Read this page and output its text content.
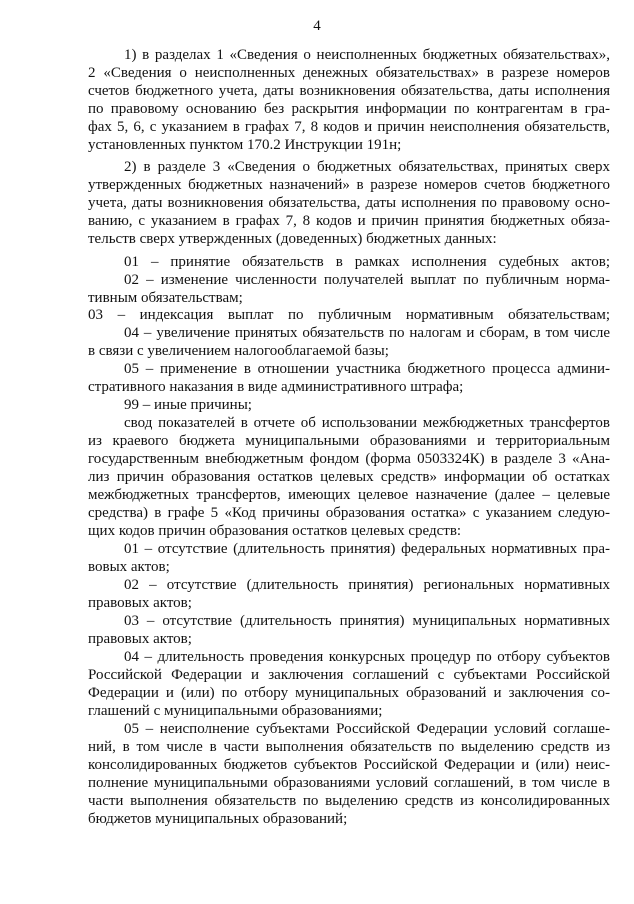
4
1) в разделах 1 «Сведения о неисполненных бюджетных обязательствах»,
2 «Сведения о неисполненных денежных обязательствах» в разрезе номеров
счетов бюджетного учета, даты возникновения обязательства, даты исполнения
по правовому основанию без раскрытия информации по контрагентам в гра-
фах 5, 6, с указанием в графах 7, 8 кодов и причин неисполнения обязательств,
установленных пунктом 170.2 Инструкции 191н;
2) в разделе 3 «Сведения о бюджетных обязательствах, принятых сверх
утвержденных бюджетных назначений» в разрезе номеров счетов бюджетного
учета, даты возникновения обязательства, даты исполнения по правовому осно-
ванию, с указанием в графах 7, 8 кодов и причин принятия бюджетных обяза-
тельств сверх утвержденных (доведенных) бюджетных данных:
01 – принятие обязательств в рамках исполнения судебных актов;
02 – изменение численности получателей выплат по публичным норма-
тивным обязательствам;
03 – индексация выплат по публичным нормативным обязательствам;
04 – увеличение принятых обязательств по налогам и сборам, в том числе
в связи с увеличением налогооблагаемой базы;
05 – применение в отношении участника бюджетного процесса админи-
стративного наказания в виде административного штрафа;
99 – иные причины;
свод показателей в отчете об использовании межбюджетных трансфертов
из краевого бюджета муниципальными образованиями и территориальным
государственным внебюджетным фондом (форма 0503324К) в разделе 3 «Ана-
лиз причин образования остатков целевых средств» информации об остатках
межбюджетных трансфертов, имеющих целевое назначение (далее – целевые
средства) в графе 5 «Код причины образования остатка» с указанием следую-
щих кодов причин образования остатков целевых средств:
01 – отсутствие (длительность принятия) федеральных нормативных пра-
вовых актов;
02 – отсутствие (длительность принятия) региональных нормативных
правовых актов;
03 – отсутствие (длительность принятия) муниципальных нормативных
правовых актов;
04 – длительность проведения конкурсных процедур по отбору субъектов
Российской Федерации и заключения соглашений с субъектами Российской
Федерации и (или) по отбору муниципальных образований и заключения со-
глашений с муниципальными образованиями;
05 – неисполнение субъектами Российской Федерации условий соглаше-
ний, в том числе в части выполнения обязательств по выделению средств из
консолидированных бюджетов субъектов Российской Федерации и (или) неис-
полнение муниципальными образованиями условий соглашений, в том числе в
части выполнения обязательств по выделению средств из консолидированных
бюджетов муниципальных образований;
